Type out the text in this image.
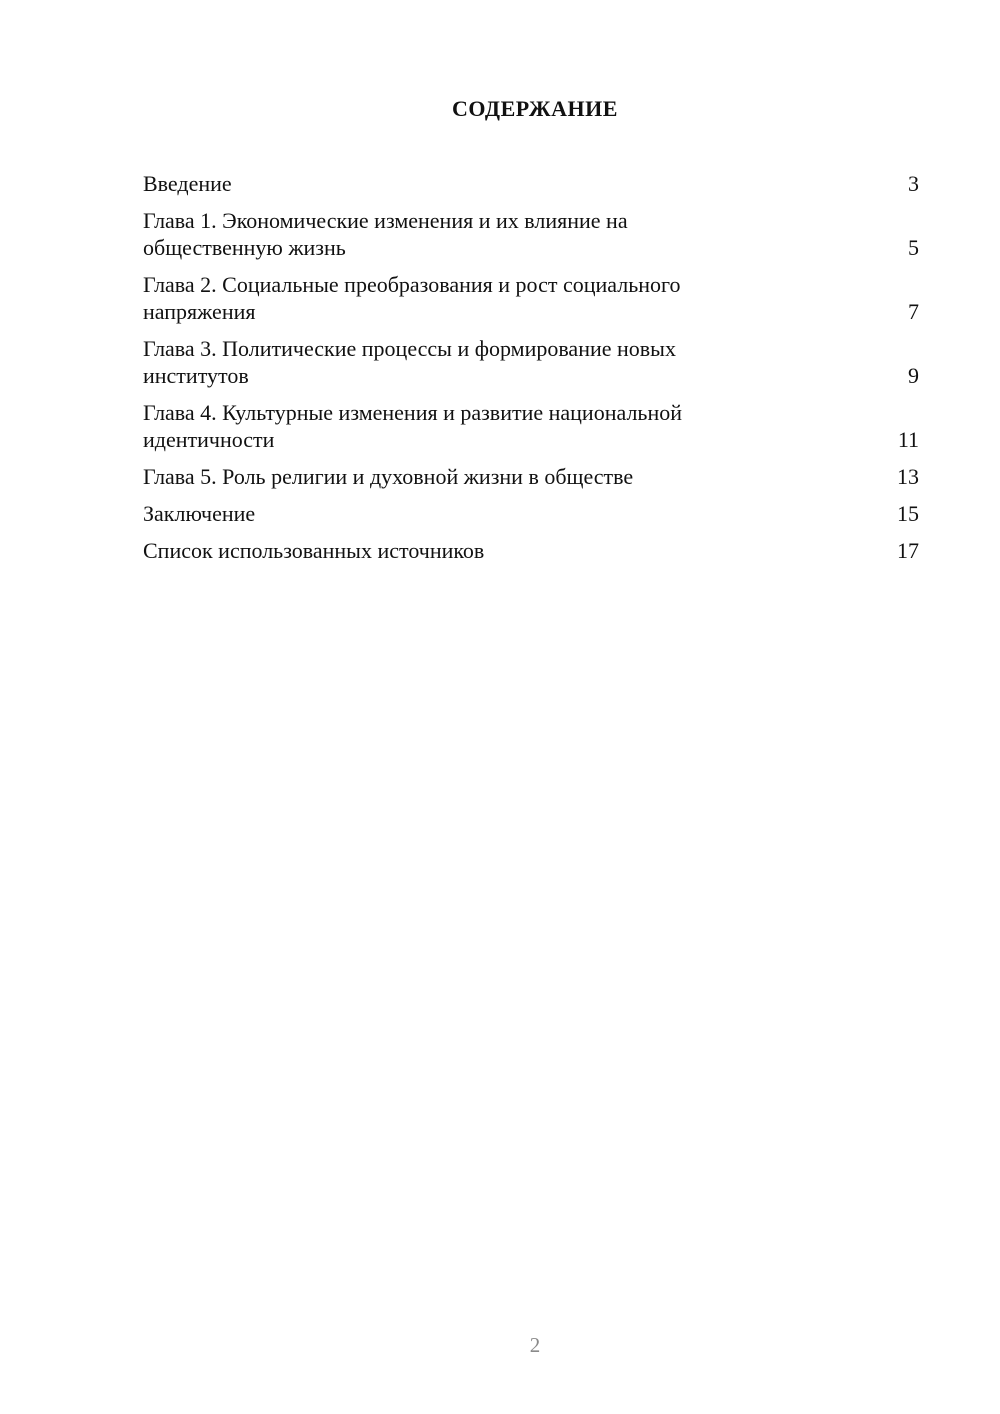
СОДЕРЖАНИЕ
Введение	3
Глава 1. Экономические изменения и их влияние на
общественную жизнь	5
Глава 2. Социальные преобразования и рост социального
напряжения	7
Глава 3. Политические процессы и формирование новых
институтов	9
Глава 4. Культурные изменения и развитие национальной
идентичности	11
Глава 5. Роль религии и духовной жизни в обществе	13
Заключение	15
Список использованных источников	17
2
